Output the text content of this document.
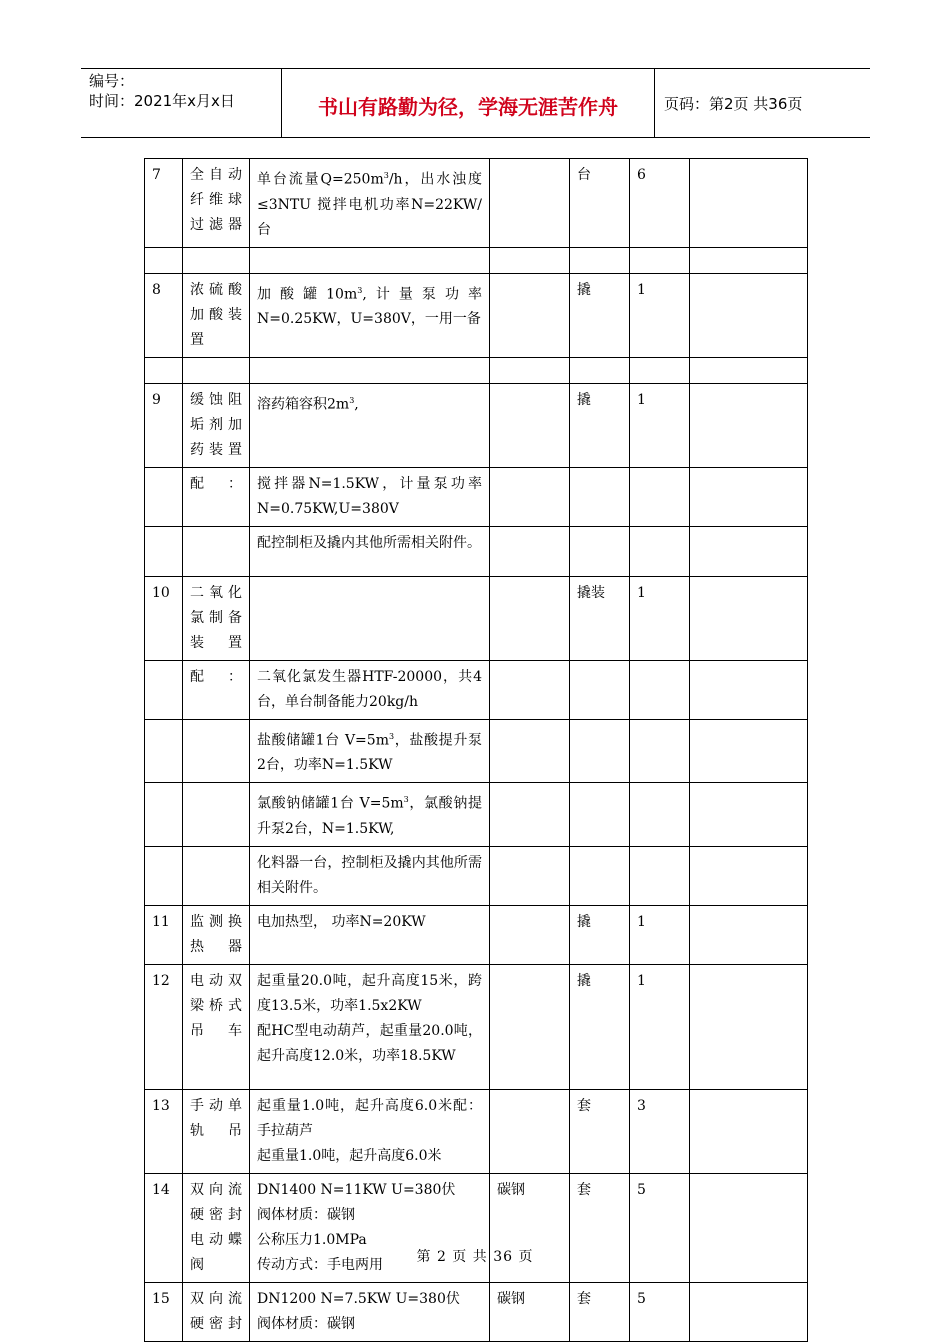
编号：
时间：2021年x月x日	书山有路勤为径，学海无涯苦作舟	页码：第2页 共36页
7	全自动纤维球过滤器	单台流量$Q=250m^3/h$，出水浊度≤3NTU 搅拌电机功率N=22KW/台		台	6	

8	浓硫酸加酸装置	加酸罐$10m^3$,计量泵功率N=0.25KW，U=380V，一用一备		撬	1	

9	缓蚀阻垢剂加药装置	溶药箱容积$2m^3$,		撬	1	
	配：	搅拌器N=1.5KW，计量泵功率N=0.75KW,U=380V				
		配控制柜及撬内其他所需相关附件。				
10	二氧化氯制备装置			撬装	1	
	配：	二氧化氯发生器HTF-20000，共4台，单台制备能力20kg/h				
		盐酸储罐1台 $V=5m^3$，盐酸提升泵2台，功率N=1.5KW				
		氯酸钠储罐1台 $V=5m^3$，氯酸钠提升泵2台，N=1.5KW,				
		化料器一台，控制柜及撬内其他所需相关附件。				
11	监测换热器	电加热型， 功率N=20KW		撬	1	
12	电动双梁桥式吊车	起重量20.0吨，起升高度15米，跨度13.5米，功率1.5x2KW
配HC型电动葫芦，起重量20.0吨，起升高度12.0米，功率18.5KW		撬	1	
13	手动单轨吊	起重量1.0吨，起升高度6.0米配：手拉葫芦
起重量1.0吨，起升高度6.0米		套	3	
14	双向流硬密封电动蝶阀	DN1400 N=11KW U=380伏
阀体材质：碳钢
公称压力1.0MPa
传动方式：手电两用	碳钢	套	5	
15	双向流硬密封	DN1200 N=7.5KW U=380伏
阀体材质：碳钢	碳钢	套	5	
第 2 页 共 36 页
